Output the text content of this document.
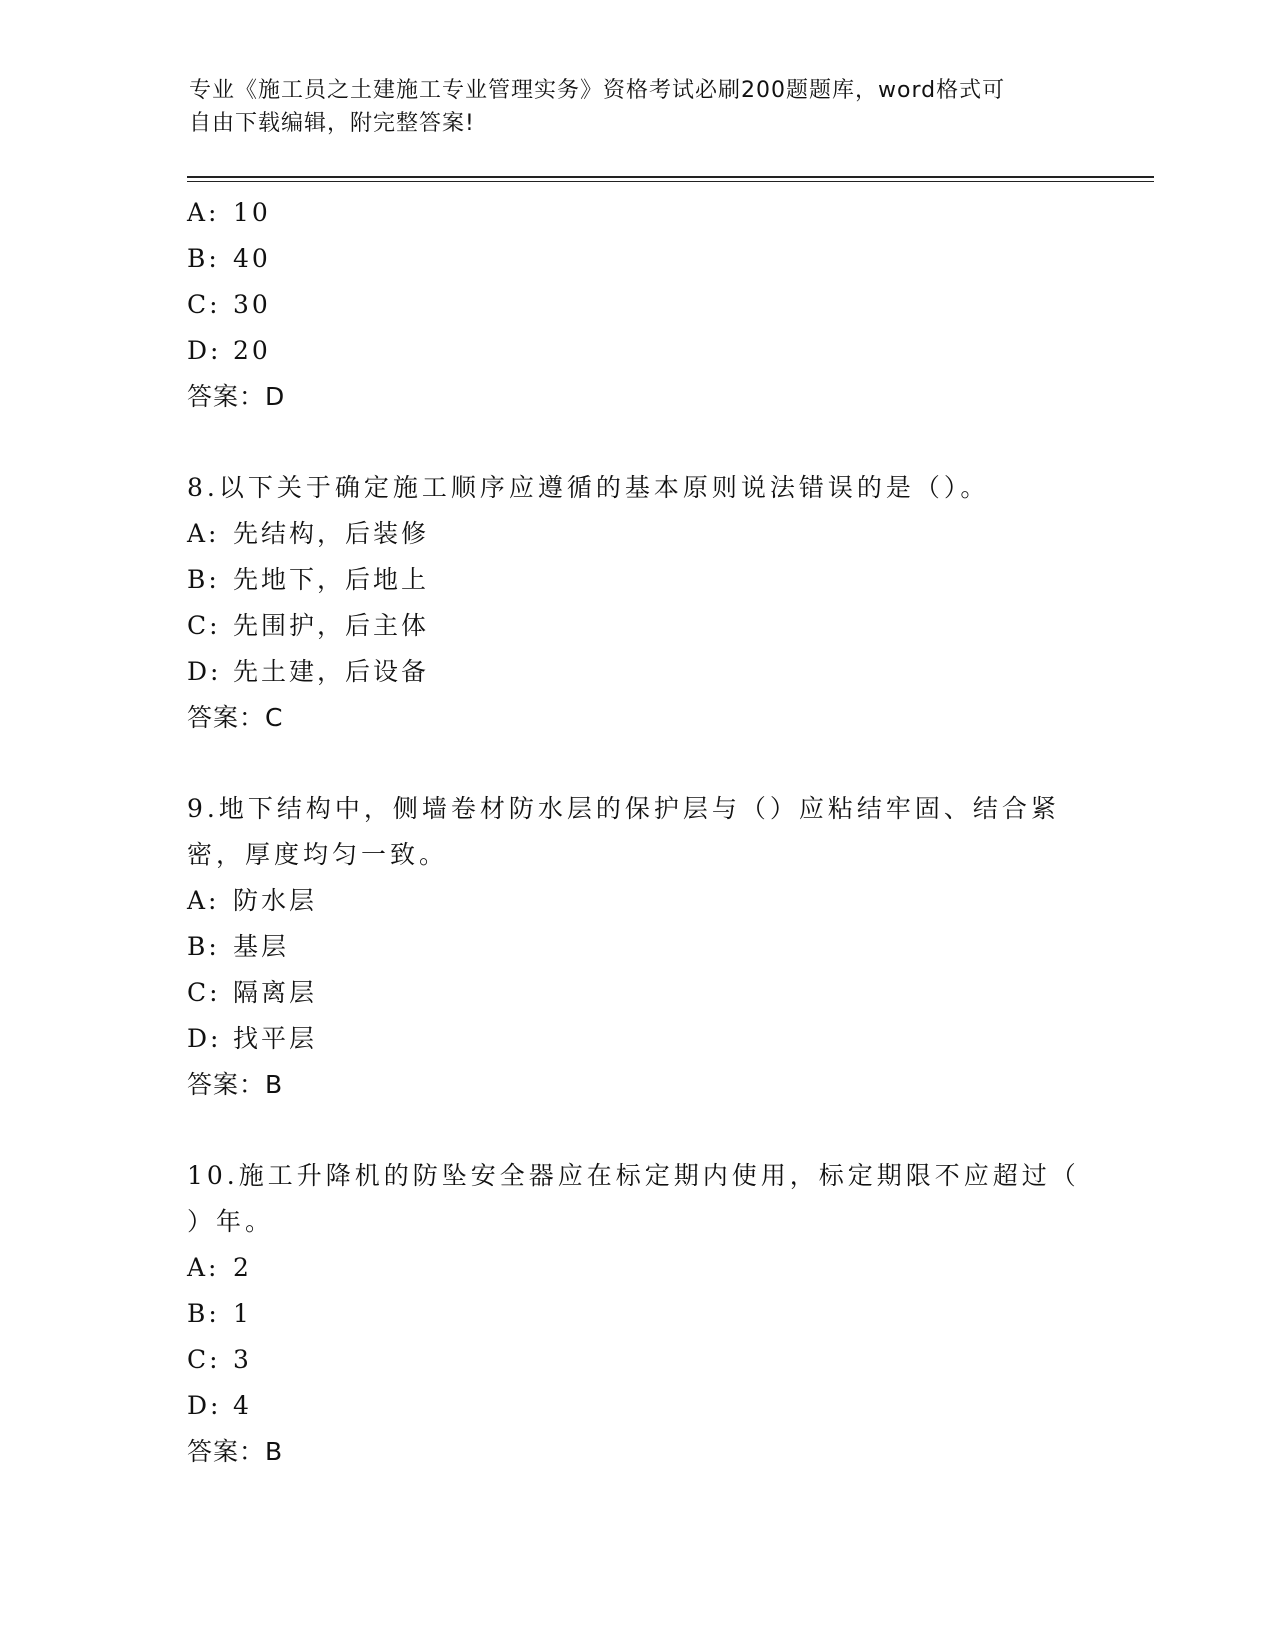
专业《施工员之土建施工专业管理实务》资格考试必刷200题题库，word格式可
自由下载编辑，附完整答案!
A: 10
B: 40
C: 30
D: 20
答案：D
8.以下关于确定施工顺序应遵循的基本原则说法错误的是（）。
A: 先结构，后装修
B: 先地下，后地上
C: 先围护，后主体
D: 先土建，后设备
答案：C
9.地下结构中，侧墙卷材防水层的保护层与（）应粘结牢固、结合紧
密，厚度均匀一致。
A: 防水层
B: 基层
C: 隔离层
D: 找平层
答案：B
10.施工升降机的防坠安全器应在标定期内使用，标定期限不应超过（
）年。
A: 2
B: 1
C: 3
D: 4
答案：B
